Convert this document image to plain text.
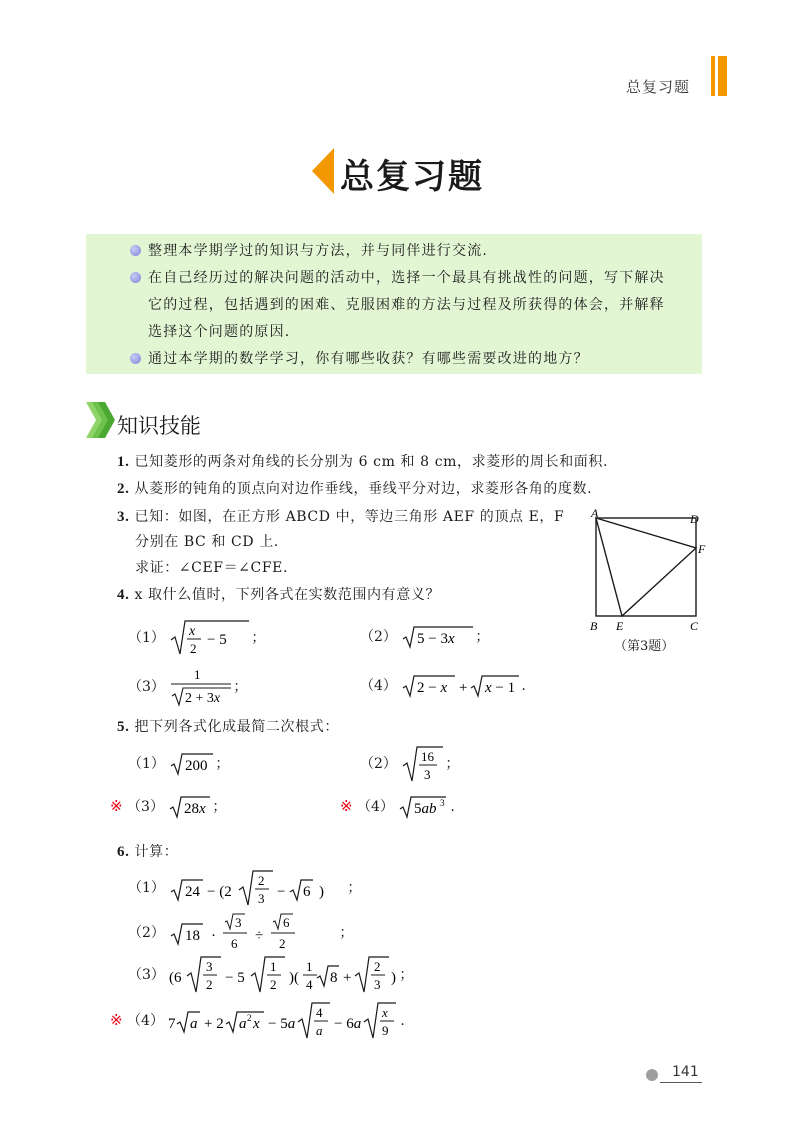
总复习题
总复习题
整理本学期学过的知识与方法，并与同伴进行交流.
在自己经历过的解决问题的活动中，选择一个最具有挑战性的问题，写下解决
它的过程，包括遇到的困难、克服困难的方法与过程及所获得的体会，并解释
选择这个问题的原因.
通过本学期的数学学习，你有哪些收获？有哪些需要改进的地方？
知识技能
1. 已知菱形的两条对角线的长分别为 6 cm 和 8 cm，求菱形的周长和面积.
2. 从菱形的钝角的顶点向对边作垂线，垂线平分对边，求菱形各角的度数.
3. 已知：如图，在正方形 ABCD 中，等边三角形 AEF 的顶点 E，F
分别在 BC 和 CD 上.
求证：∠CEF＝∠CFE.
4. x 取什么值时，下列各式在实数范围内有意义？
（1） x
2
− 5 ；	（2） 5 − 3x ；
（3）
1
2 + 3x
；	（4） 2 − x + x − 1 .
5. 把下列各式化成最简二次根式：
（1） 200 ；	（2） 16
3
；
※ （3） 28x ；	※ （4） 5ab 3 .
6. 计算：
（1） 24 − (2
2
3 − 6 ) ；
（2） 18 ·
3
6 ÷
6
2
；
（3） (6
3
2 − 5
1
2 )(
1
4 8 +
2
3 ) ；
※ （4） 7 a + 2 a 2 x − 5a
4
a − 6a
x
9
.
A	D
F
B E	C
（第3题）
141
